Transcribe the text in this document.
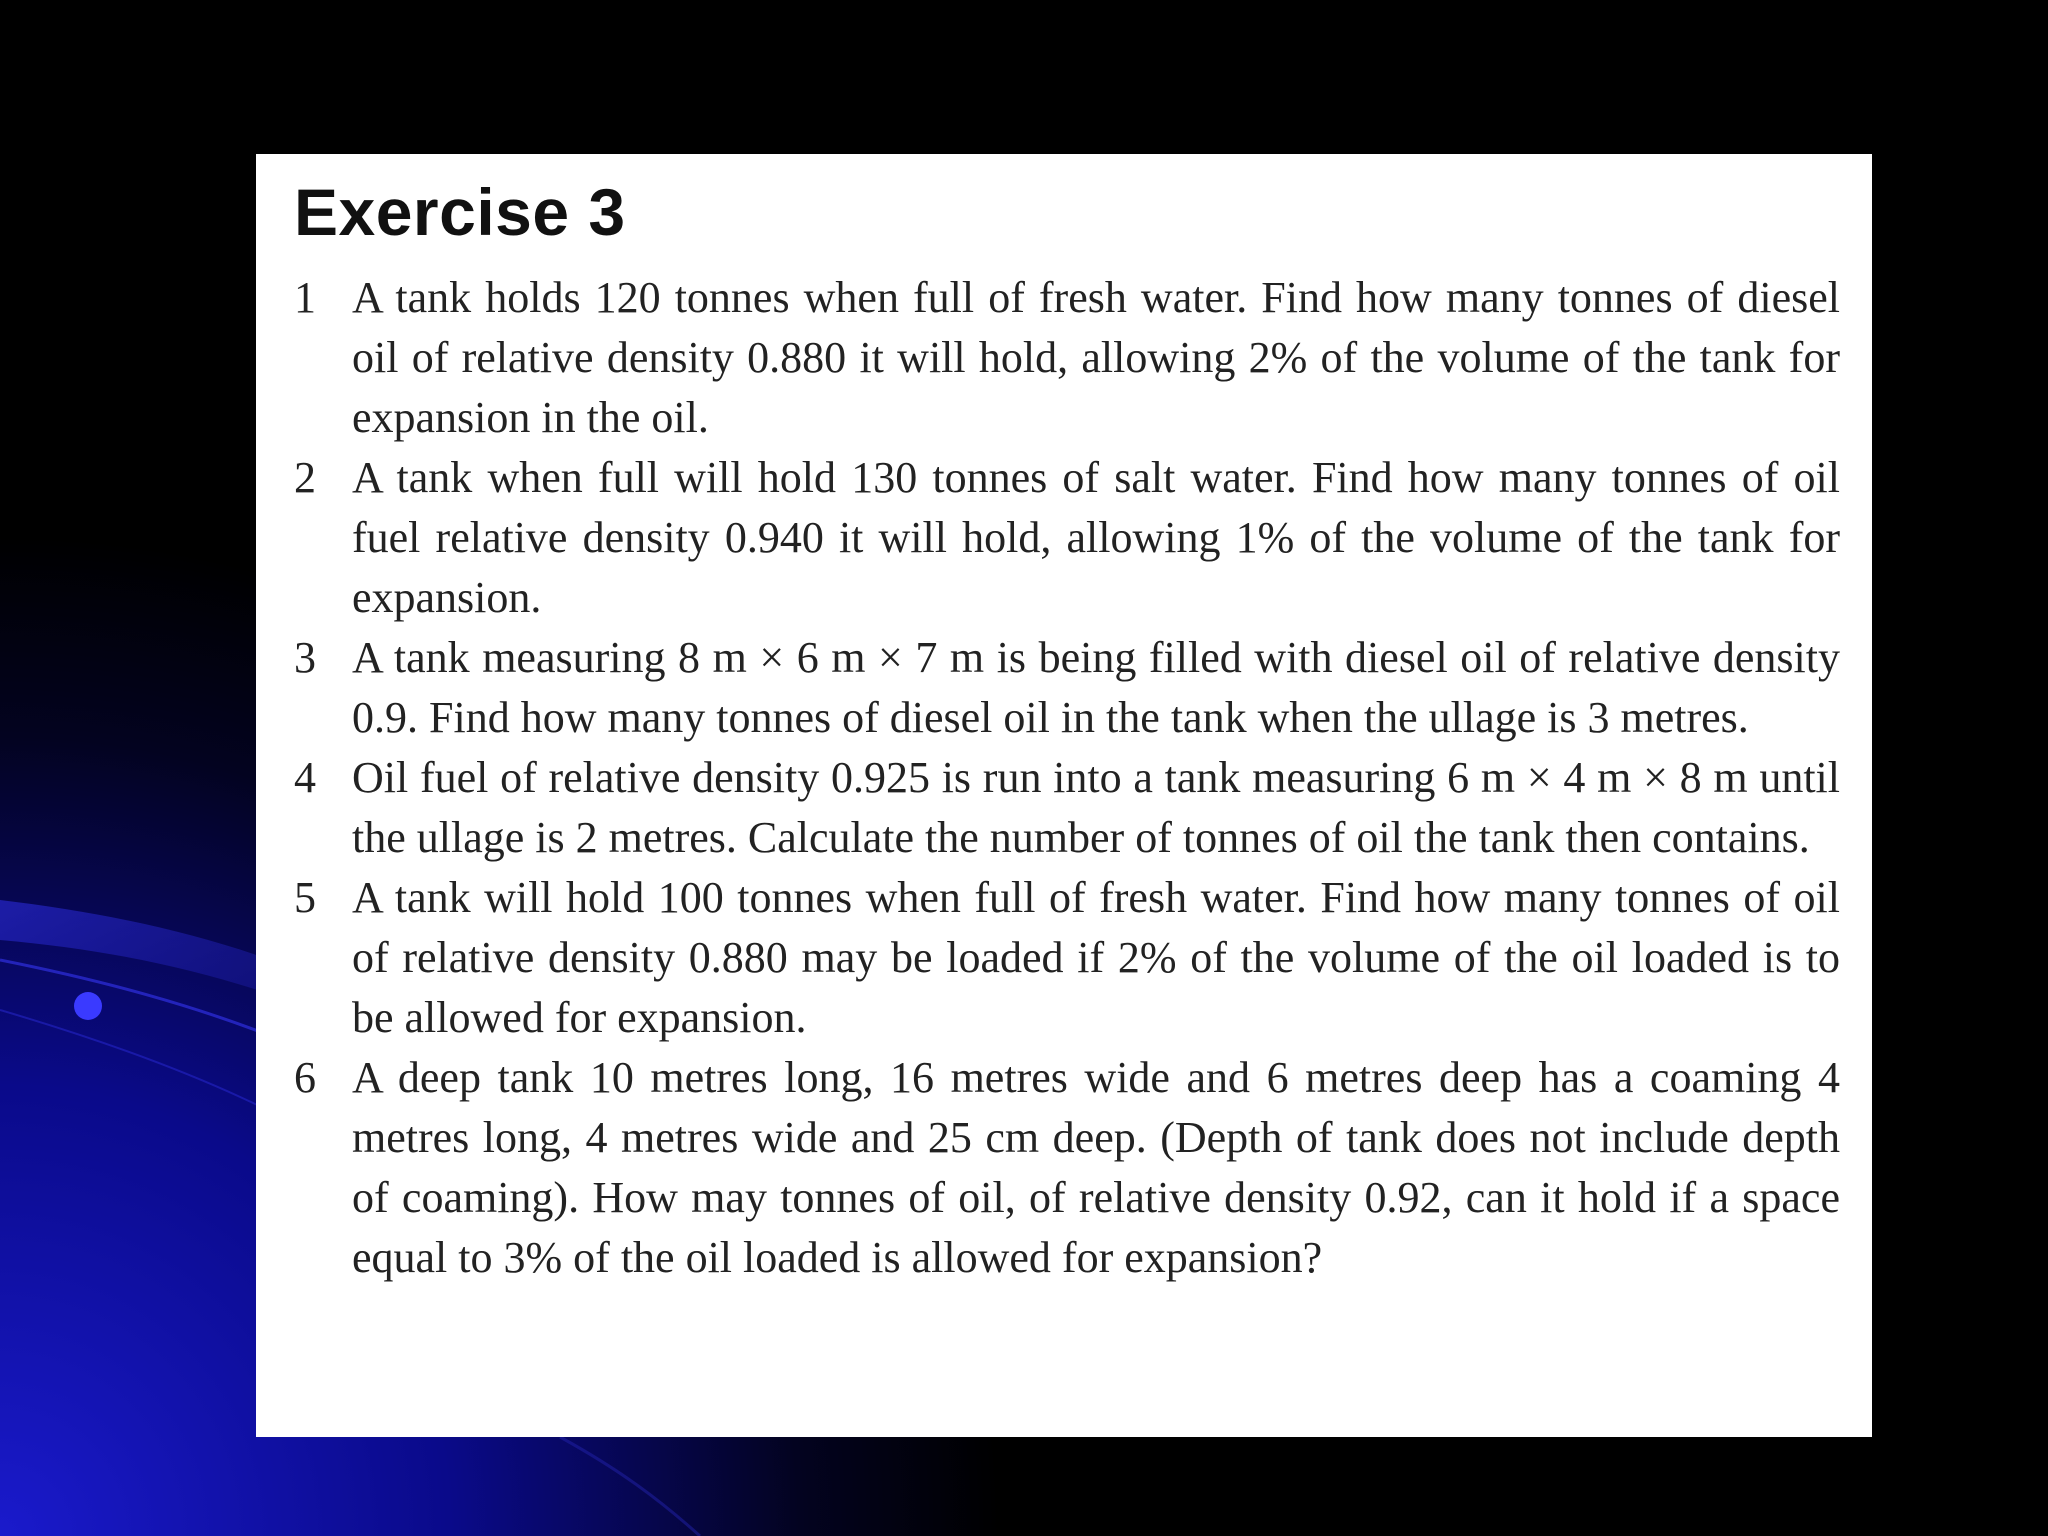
Exercise 3
1 A tank holds 120 tonnes when full of fresh water. Find how many tonnes of diesel oil of relative density 0.880 it will hold, allowing 2% of the volume of the tank for expansion in the oil.
2 A tank when full will hold 130 tonnes of salt water. Find how many tonnes of oil fuel relative density 0.940 it will hold, allowing 1% of the volume of the tank for expansion.
3 A tank measuring 8 m × 6 m × 7 m is being filled with diesel oil of relative density 0.9. Find how many tonnes of diesel oil in the tank when the ullage is 3 metres.
4 Oil fuel of relative density 0.925 is run into a tank measuring 6 m × 4 m × 8 m until the ullage is 2 metres. Calculate the number of tonnes of oil the tank then contains.
5 A tank will hold 100 tonnes when full of fresh water. Find how many tonnes of oil of relative density 0.880 may be loaded if 2% of the volume of the oil loaded is to be allowed for expansion.
6 A deep tank 10 metres long, 16 metres wide and 6 metres deep has a coaming 4 metres long, 4 metres wide and 25 cm deep. (Depth of tank does not include depth of coaming). How may tonnes of oil, of relative density 0.92, can it hold if a space equal to 3% of the oil loaded is allowed for expansion?
